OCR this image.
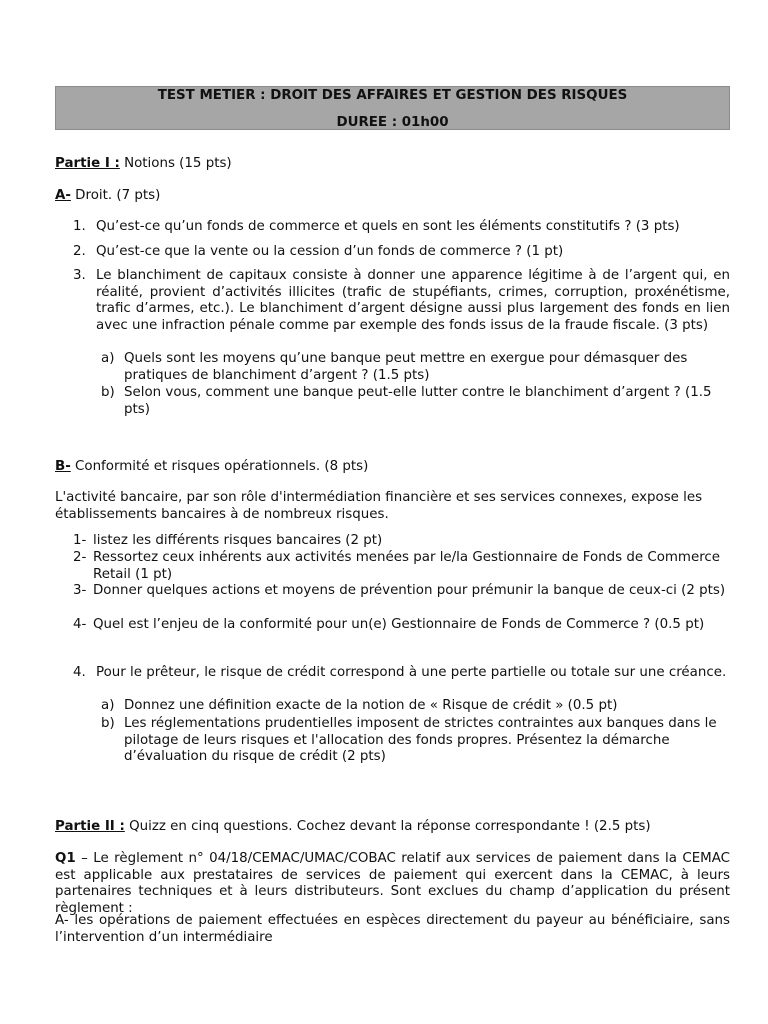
TEST METIER : DROIT DES AFFAIRES ET GESTION DES RISQUES
DUREE : 01h00
Partie I : Notions (15 pts)
A- Droit. (7 pts)
1. Qu’est-ce qu’un fonds de commerce et quels en sont les éléments constitutifs ? (3 pts)
2. Qu’est-ce que la vente ou la cession d’un fonds de commerce ? (1 pt)
3. Le blanchiment de capitaux consiste à donner une apparence légitime à de l’argent qui, en réalité, provient d’activités illicites (trafic de stupéfiants, crimes, corruption, proxénétisme, trafic d’armes, etc.). Le blanchiment d’argent désigne aussi plus largement des fonds en lien avec une infraction pénale comme par exemple des fonds issus de la fraude fiscale. (3 pts)
a) Quels sont les moyens qu’une banque peut mettre en exergue pour démasquer des pratiques de blanchiment d’argent ? (1.5 pts)
b) Selon vous, comment une banque peut-elle lutter contre le blanchiment d’argent ? (1.5 pts)
B- Conformité et risques opérationnels. (8 pts)
L'activité bancaire, par son rôle d'intermédiation financière et ses services connexes, expose les établissements bancaires à de nombreux risques.
1- listez les différents risques bancaires (2 pt)
2- Ressortez ceux inhérents aux activités menées par le/la Gestionnaire de Fonds de Commerce Retail (1 pt)
3- Donner quelques actions et moyens de prévention pour prémunir la banque de ceux-ci (2 pts)
4- Quel est l’enjeu de la conformité pour un(e) Gestionnaire de Fonds de Commerce ? (0.5 pt)
4. Pour le prêteur, le risque de crédit correspond à une perte partielle ou totale sur une créance.
a) Donnez une définition exacte de la notion de « Risque de crédit » (0.5 pt)
b) Les réglementations prudentielles imposent de strictes contraintes aux banques dans le pilotage de leurs risques et l'allocation des fonds propres. Présentez la démarche d’évaluation du risque de crédit (2 pts)
Partie II : Quizz en cinq questions. Cochez devant la réponse correspondante ! (2.5 pts)
Q1 – Le règlement n° 04/18/CEMAC/UMAC/COBAC relatif aux services de paiement dans la CEMAC est applicable aux prestataires de services de paiement qui exercent dans la CEMAC, à leurs partenaires techniques et à leurs distributeurs. Sont exclues du champ d’application du présent règlement :
A- les opérations de paiement effectuées en espèces directement du payeur au bénéficiaire, sans l’intervention d’un intermédiaire
